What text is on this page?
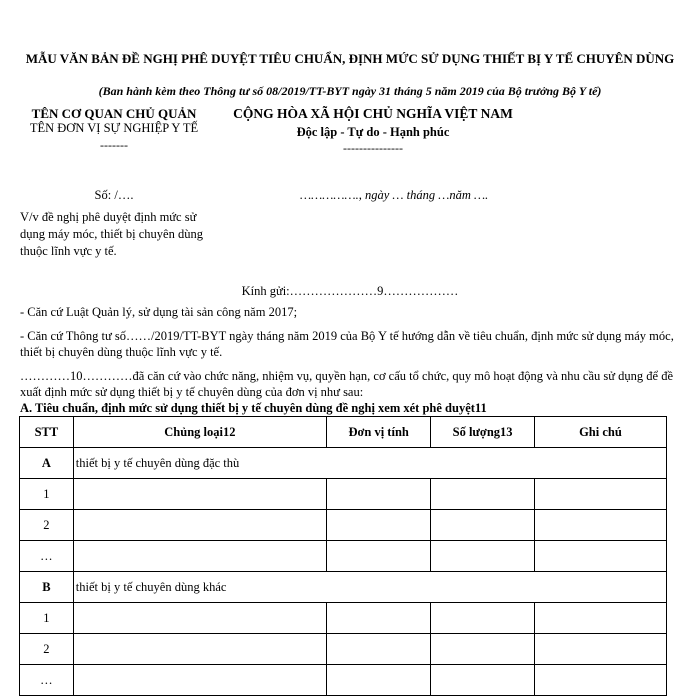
MẪU VĂN BẢN ĐỀ NGHỊ PHÊ DUYỆT TIÊU CHUẨN, ĐỊNH MỨC SỬ DỤNG THIẾT BỊ Y TẾ CHUYÊN DÙNG
(Ban hành kèm theo Thông tư số 08/2019/TT-BYT ngày 31 tháng 5 năm 2019 của Bộ trưởng Bộ Y tế)
TÊN CƠ QUAN CHỦ QUẢN
TÊN ĐƠN VỊ SỰ NGHIỆP Y TẾ
-------
CỘNG HÒA XÃ HỘI CHỦ NGHĨA VIỆT NAM
Độc lập - Tự do - Hạnh phúc
---------------
Số: /….	……………., ngày … tháng …năm ….
V/v đề nghị phê duyệt định mức sử dụng máy móc, thiết bị chuyên dùng thuộc lĩnh vực y tế.
Kính gửi:…………………9………………
- Căn cứ Luật Quản lý, sử dụng tài sản công năm 2017;
- Căn cứ Thông tư số……/2019/TT-BYT ngày tháng năm 2019 của Bộ Y tế hướng dẫn về tiêu chuẩn, định mức sử dụng máy móc, thiết bị chuyên dùng thuộc lĩnh vực y tế.
…………10…………đã căn cứ vào chức năng, nhiệm vụ, quyền hạn, cơ cấu tổ chức, quy mô hoạt động và nhu cầu sử dụng để đề xuất định mức sử dụng thiết bị y tế chuyên dùng của đơn vị như sau:
A. Tiêu chuẩn, định mức sử dụng thiết bị y tế chuyên dùng đề nghị xem xét phê duyệt11
STT	Chủng loại12	Đơn vị tính	Số lượng13	Ghi chú
A	thiết bị y tế chuyên dùng đặc thù			
1				
2				
…				
B	thiết bị y tế chuyên dùng khác			
1				
2				
…				
